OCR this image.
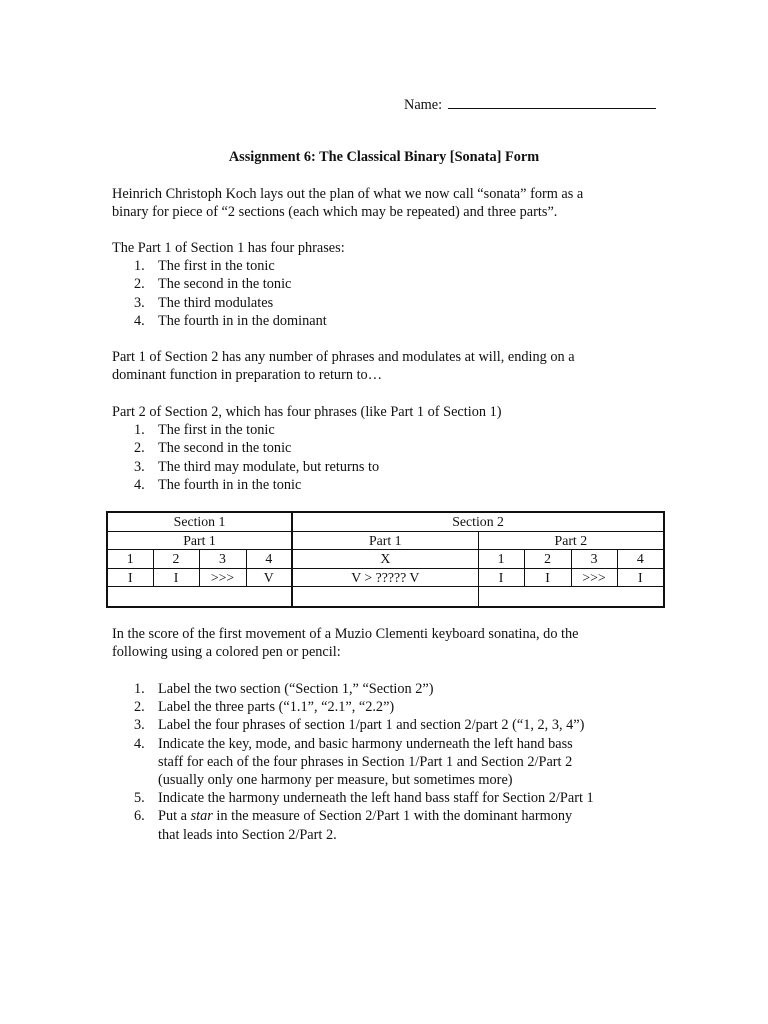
Name:
Assignment 6: The Classical Binary [Sonata] Form

Heinrich Christoph Koch lays out the plan of what we now call “sonata” form as a

binary for piece of “2 sections (each which may be repeated) and three parts”.

The Part 1 of Section 1 has four phrases:

1. The first in the tonic
2. The second in the tonic
3. The third modulates
4. The fourth in in the dominant

Part 1 of Section 2 has any number of phrases and modulates at will, ending on a

dominant function in preparation to return to…

Part 2 of Section 2, which has four phrases (like Part 1 of Section 1)

1. The first in the tonic
2. The second in the tonic
3. The third may modulate, but returns to
4. The fourth in in the tonic
Section 1				Section 2				
Part 1				Part 1	Part 2			
1	2	3	4	X	1	2	3	4
I	I	>>>	V	V > ????? V	I	I	>>>	I

In the score of the first movement of a Muzio Clementi keyboard sonatina, do the

following using a colored pen or pencil:

1. Label the two section (“Section 1,” “Section 2”)
2. Label the three parts (“1.1”, “2.1”, “2.2”)
3. Label the four phrases of section 1/part 1 and section 2/part 2 (“1, 2, 3, 4”)
4. Indicate the key, mode, and basic harmony underneath the left hand bass
staff for each of the four phrases in Section 1/Part 1 and Section 2/Part 2
(usually only one harmony per measure, but sometimes more)
5. Indicate the harmony underneath the left hand bass staff for Section 2/Part 1
6. Put a star in the measure of Section 2/Part 1 with the dominant harmony
that leads into Section 2/Part 2.
